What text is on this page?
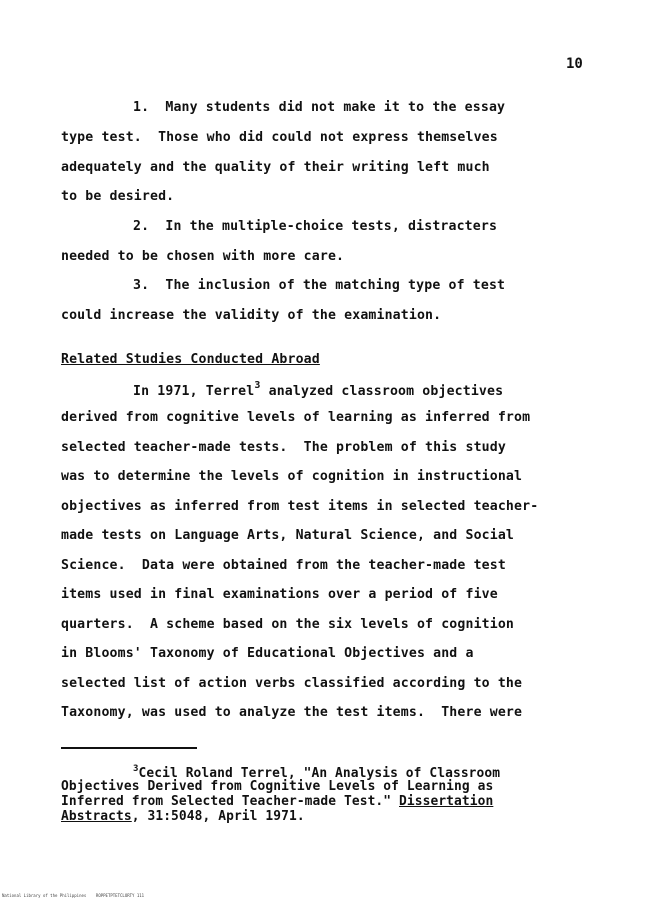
10
1.  Many students did not make it to the essay
type test.  Those who did could not express themselves
adequately and the quality of their writing left much
to be desired.
2.  In the multiple-choice tests, distracters
needed to be chosen with more care.
3.  The inclusion of the matching type of test
could increase the validity of the examination.
Related Studies Conducted Abroad
In 1971, Terrel$^3$ analyzed classroom objectives
derived from cognitive levels of learning as inferred from
selected teacher-made tests.  The problem of this study
was to determine the levels of cognition in instructional
objectives as inferred from test items in selected teacher-
made tests on Language Arts, Natural Science, and Social
Science.  Data were obtained from the teacher-made test
items used in final examinations over a period of five
quarters.  A scheme based on the six levels of cognition
in Blooms' Taxonomy of Educational Objectives and a
selected list of action verbs classified according to the
Taxonomy, was used to analyze the test items.  There were
$^3$Cecil Roland Terrel, "An Analysis of Classroom
Objectives Derived from Cognitive Levels of Learning as
Inferred from Selected Teacher-made Test." Dissertation
Abstracts, 31:5048, April 1971.
National Library of the Philippines    ROPPETPTETCLORTY 111
